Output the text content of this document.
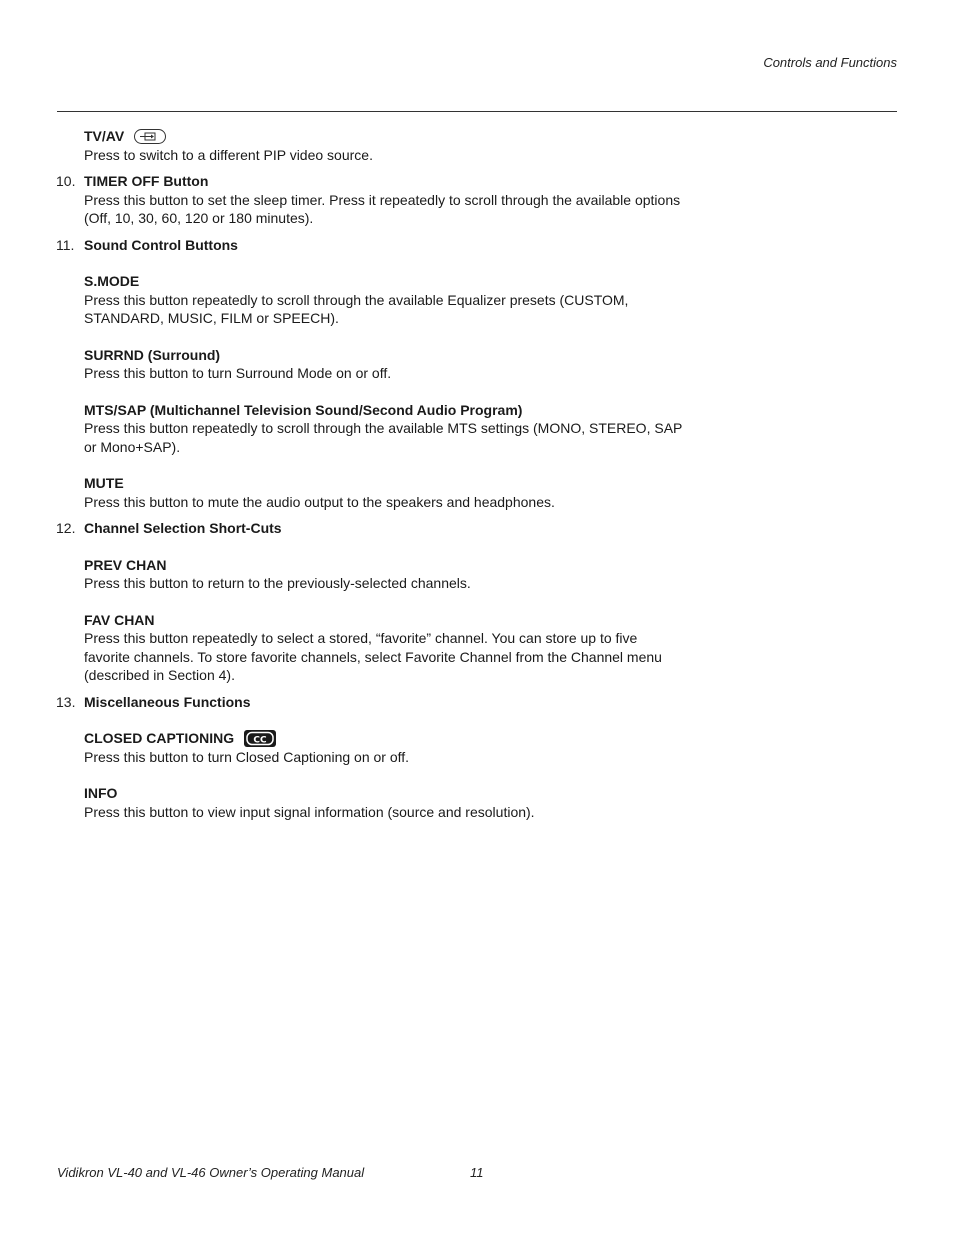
Controls and Functions
TV/AV

Press to switch to a different PIP video source.

10. TIMER OFF Button

Press this button to set the sleep timer. Press it repeatedly to scroll through the available options (Off, 10, 30, 60, 120 or 180 minutes).

11. Sound Control Buttons
S.MODE

Press this button repeatedly to scroll through the available Equalizer presets (CUSTOM, STANDARD, MUSIC, FILM or SPEECH).

SURRND (Surround)

Press this button to turn Surround Mode on or off.

MTS/SAP (Multichannel Television Sound/Second Audio Program)

Press this button repeatedly to scroll through the available MTS settings (MONO, STEREO, SAP or Mono+SAP).

MUTE

Press this button to mute the audio output to the speakers and headphones.

12. Channel Selection Short-Cuts
PREV CHAN

Press this button to return to the previously-selected channels.

FAV CHAN

Press this button repeatedly to select a stored, “favorite” channel. You can store up to five favorite channels. To store favorite channels, select Favorite Channel from the Channel menu (described in Section 4).

13. Miscellaneous Functions
CLOSED CAPTIONING CC

Press this button to turn Closed Captioning on or off.

INFO

Press this button to view input signal information (source and resolution).

Vidikron VL-40 and VL-46 Owner’s Operating Manual	11
